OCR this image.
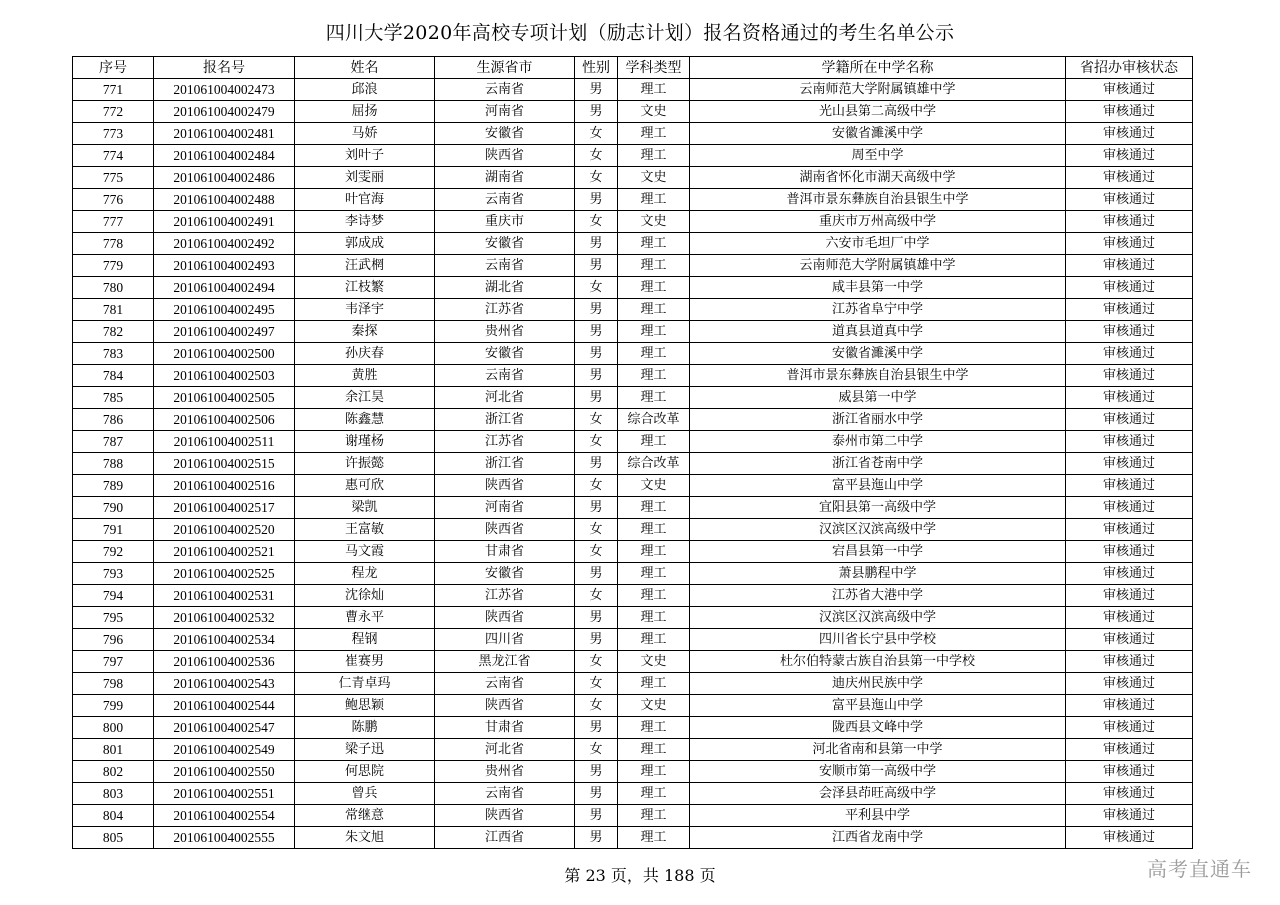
四川大学2020年高校专项计划（励志计划）报名资格通过的考生名单公示
序号	报名号	姓名	生源省市	性别	学科类型	学籍所在中学名称	省招办审核状态
771	201061004002473	邱浪	云南省	男	理工	云南师范大学附属镇雄中学	审核通过
772	201061004002479	屈扬	河南省	男	文史	光山县第二高级中学	审核通过
773	201061004002481	马娇	安徽省	女	理工	安徽省濉溪中学	审核通过
774	201061004002484	刘叶子	陕西省	女	理工	周至中学	审核通过
775	201061004002486	刘雯丽	湖南省	女	文史	湖南省怀化市湖天高级中学	审核通过
776	201061004002488	叶官海	云南省	男	理工	普洱市景东彝族自治县银生中学	审核通过
777	201061004002491	李诗梦	重庆市	女	文史	重庆市万州高级中学	审核通过
778	201061004002492	郭成成	安徽省	男	理工	六安市毛坦厂中学	审核通过
779	201061004002493	汪武棢	云南省	男	理工	云南师范大学附属镇雄中学	审核通过
780	201061004002494	江枝繁	湖北省	女	理工	咸丰县第一中学	审核通过
781	201061004002495	韦泽宇	江苏省	男	理工	江苏省阜宁中学	审核通过
782	201061004002497	秦探	贵州省	男	理工	道真县道真中学	审核通过
783	201061004002500	孙庆春	安徽省	男	理工	安徽省濉溪中学	审核通过
784	201061004002503	黄胜	云南省	男	理工	普洱市景东彝族自治县银生中学	审核通过
785	201061004002505	余江昊	河北省	男	理工	威县第一中学	审核通过
786	201061004002506	陈鑫慧	浙江省	女	综合改革	浙江省丽水中学	审核通过
787	201061004002511	谢瑾杨	江苏省	女	理工	泰州市第二中学	审核通过
788	201061004002515	许振懿	浙江省	男	综合改革	浙江省苍南中学	审核通过
789	201061004002516	惠可欣	陕西省	女	文史	富平县迤山中学	审核通过
790	201061004002517	梁凯	河南省	男	理工	宜阳县第一高级中学	审核通过
791	201061004002520	王富敏	陕西省	女	理工	汉滨区汉滨高级中学	审核通过
792	201061004002521	马文霞	甘肃省	女	理工	宕昌县第一中学	审核通过
793	201061004002525	程龙	安徽省	男	理工	萧县鹏程中学	审核通过
794	201061004002531	沈徐灿	江苏省	女	理工	江苏省大港中学	审核通过
795	201061004002532	曹永平	陕西省	男	理工	汉滨区汉滨高级中学	审核通过
796	201061004002534	程钢	四川省	男	理工	四川省长宁县中学校	审核通过
797	201061004002536	崔赛男	黑龙江省	女	文史	杜尔伯特蒙古族自治县第一中学校	审核通过
798	201061004002543	仁青卓玛	云南省	女	理工	迪庆州民族中学	审核通过
799	201061004002544	鲍思颖	陕西省	女	文史	富平县迤山中学	审核通过
800	201061004002547	陈鹏	甘肃省	男	理工	陇西县文峰中学	审核通过
801	201061004002549	梁子迅	河北省	女	理工	河北省南和县第一中学	审核通过
802	201061004002550	何思院	贵州省	男	理工	安顺市第一高级中学	审核通过
803	201061004002551	曾兵	云南省	男	理工	会泽县茚旺高级中学	审核通过
804	201061004002554	常继意	陕西省	男	理工	平利县中学	审核通过
805	201061004002555	朱文旭	江西省	男	理工	江西省龙南中学	审核通过
第 23 页，共 188 页	高考直通车
